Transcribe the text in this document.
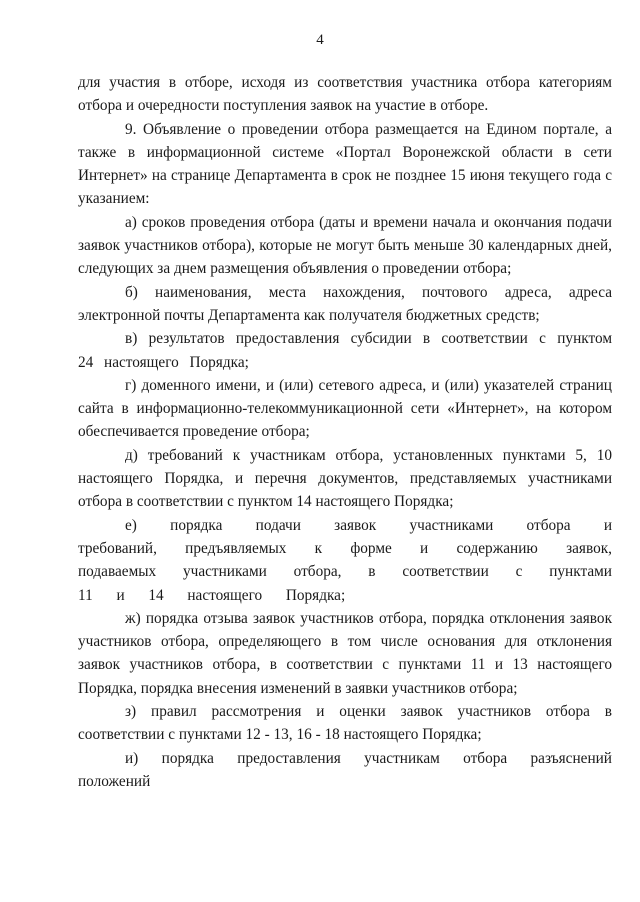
4

для участия в отборе, исходя из соответствия участника отбора категориям отбора и очередности поступления заявок на участие в отборе.

9. Объявление о проведении отбора размещается на Едином портале, а также в информационной системе «Портал Воронежской области в сети Интернет» на странице Департамента в срок не позднее 15 июня текущего года с указанием:

а) сроков проведения отбора (даты и времени начала и окончания подачи заявок участников отбора), которые не могут быть меньше 30 календарных дней, следующих за днем размещения объявления о проведении отбора;

б) наименования, места нахождения, почтового адреса, адреса электронной почты Департамента как получателя бюджетных средств;

в) результатов предоставления субсидии в соответствии с пунктом 24 настоящего Порядка;

г) доменного имени, и (или) сетевого адреса, и (или) указателей страниц сайта в информационно-телекоммуникационной сети «Интернет», на котором обеспечивается проведение отбора;

д) требований к участникам отбора, установленных пунктами 5, 10 настоящего Порядка, и перечня документов, представляемых участниками отбора в соответствии с пунктом 14 настоящего Порядка;

е) порядка подачи заявок участниками отбора и требований, предъявляемых к форме и содержанию заявок, подаваемых участниками отбора, в соответствии с пунктами 11 и 14 настоящего Порядка;

ж) порядка отзыва заявок участников отбора, порядка отклонения заявок участников отбора, определяющего в том числе основания для отклонения заявок участников отбора, в соответствии с пунктами 11 и 13 настоящего Порядка, порядка внесения изменений в заявки участников отбора;

з) правил рассмотрения и оценки заявок участников отбора в соответствии с пунктами 12 - 13, 16 - 18 настоящего Порядка;

и) порядка предоставления участникам отбора разъяснений положений
